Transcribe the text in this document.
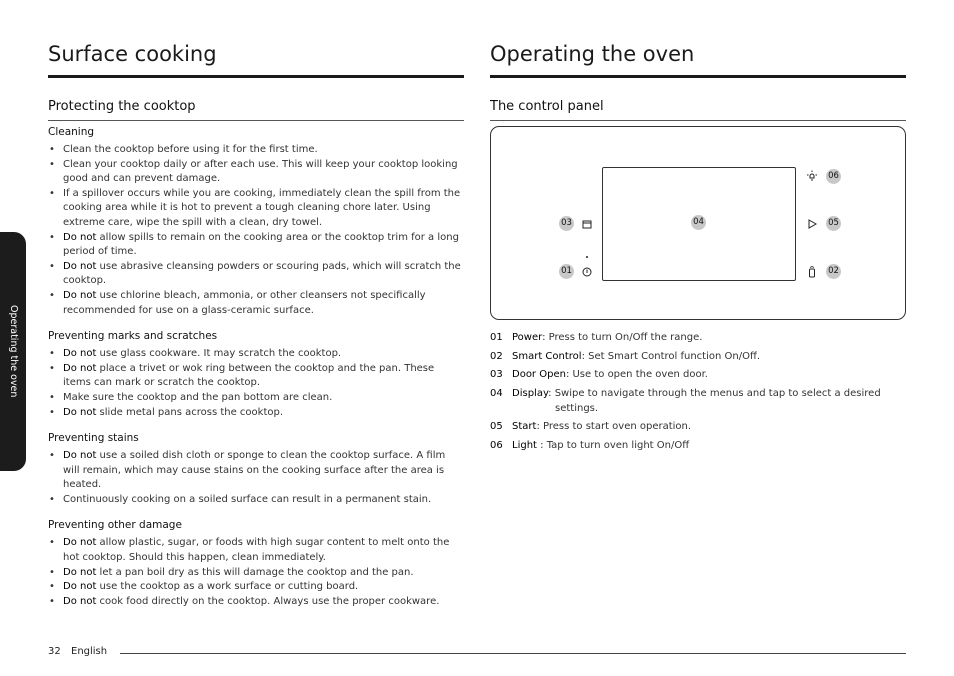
Operating the oven
Surface cooking
Protecting the cooktop
Cleaning
• Clean the cooktop before using it for the first time.
• Clean your cooktop daily or after each use. This will keep your cooktop looking good and can prevent damage.
• If a spillover occurs while you are cooking, immediately clean the spill from the cooking area while it is hot to prevent a tough cleaning chore later. Using extreme care, wipe the spill with a clean, dry towel.
• Do not allow spills to remain on the cooking area or the cooktop trim for a long period of time.
• Do not use abrasive cleansing powders or scouring pads, which will scratch the cooktop.
• Do not use chlorine bleach, ammonia, or other cleansers not specifically recommended for use on a glass-ceramic surface.
Preventing marks and scratches
• Do not use glass cookware. It may scratch the cooktop.
• Do not place a trivet or wok ring between the cooktop and the pan. These items can mark or scratch the cooktop.
• Make sure the cooktop and the pan bottom are clean.
• Do not slide metal pans across the cooktop.
Preventing stains
• Do not use a soiled dish cloth or sponge to clean the cooktop surface. A film will remain, which may cause stains on the cooking surface after the area is heated.
• Continuously cooking on a soiled surface can result in a permanent stain.
Preventing other damage
• Do not allow plastic, sugar, or foods with high sugar content to melt onto the hot cooktop. Should this happen, clean immediately.
• Do not let a pan boil dry as this will damage the cooktop and the pan.
• Do not use the cooktop as a work surface or cutting board.
• Do not cook food directly on the cooktop. Always use the proper cookware.
Operating the oven
The control panel
04
03
01
06
05
02
01 Power: Press to turn On/Off the range.
02 Smart Control: Set Smart Control function On/Off.
03 Door Open: Use to open the oven door.
04 Display: Swipe to navigate through the menus and tap to select a desired
settings.
05 Start: Press to start oven operation.
06 Light : Tap to turn oven light On/Off
32 English
